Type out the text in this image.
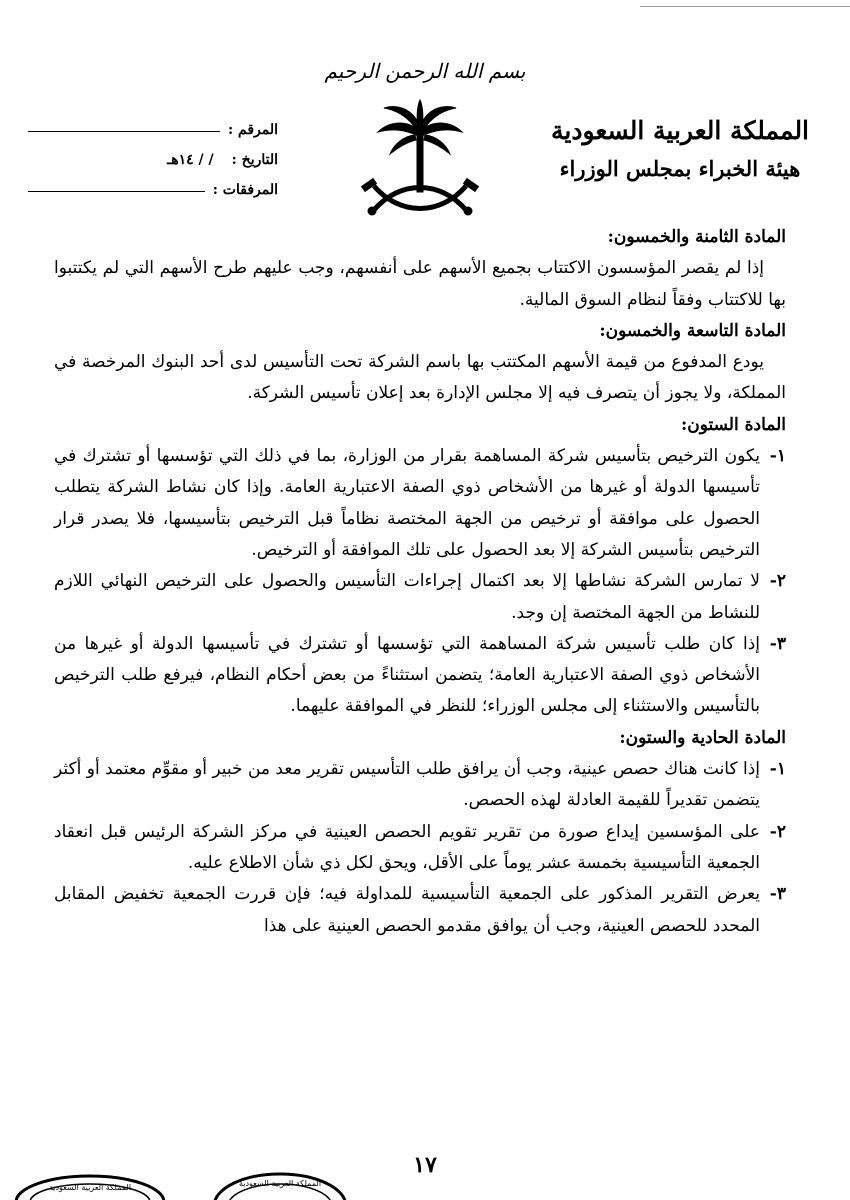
بسم الله الرحمن الرحيم
المملكة العربية السعودية
هيئة الخبراء بمجلس الوزراء
المرقم :
التاريخ :
/ / ١٤هـ
المرفقات :

المادة الثامنة والخمسون:

إذا لم يقصر المؤسسون الاكتتاب بجميع الأسهم على أنفسهم، وجب عليهم طرح الأسهم التي لم يكتتبوا بها للاكتتاب وفقاً لنظام السوق المالية.

المادة التاسعة والخمسون:

يودع المدفوع من قيمة الأسهم المكتتب بها باسم الشركة تحت التأسيس لدى أحد البنوك المرخصة في المملكة، ولا يجوز أن يتصرف فيه إلا مجلس الإدارة بعد إعلان تأسيس الشركة.

المادة الستون:

١-
يكون الترخيص بتأسيس شركة المساهمة بقرار من الوزارة، بما في ذلك التي تؤسسها أو تشترك في تأسيسها الدولة أو غيرها من الأشخاص ذوي الصفة الاعتبارية العامة. وإذا كان نشاط الشركة يتطلب الحصول على موافقة أو ترخيص من الجهة المختصة نظاماً قبل الترخيص بتأسيسها، فلا يصدر قرار الترخيص بتأسيس الشركة إلا بعد الحصول على تلك الموافقة أو الترخيص.
٢-
لا تمارس الشركة نشاطها إلا بعد اكتمال إجراءات التأسيس والحصول على الترخيص النهائي اللازم للنشاط من الجهة المختصة إن وجد.
٣-
إذا كان طلب تأسيس شركة المساهمة التي تؤسسها أو تشترك في تأسيسها الدولة أو غيرها من الأشخاص ذوي الصفة الاعتبارية العامة؛ يتضمن استثناءً من بعض أحكام النظام، فيرفع طلب الترخيص بالتأسيس والاستثناء إلى مجلس الوزراء؛ للنظر في الموافقة عليهما.

المادة الحادية والستون:

١-
إذا كانت هناك حصص عينية، وجب أن يرافق طلب التأسيس تقرير معد من خبير أو مقوِّم معتمد أو أكثر يتضمن تقديراً للقيمة العادلة لهذه الحصص.
٢-
على المؤسسين إيداع صورة من تقرير تقويم الحصص العينية في مركز الشركة الرئيس قبل انعقاد الجمعية التأسيسية بخمسة عشر يوماً على الأقل، ويحق لكل ذي شأن الاطلاع عليه.
٣-
يعرض التقرير المذكور على الجمعية التأسيسية للمداولة فيه؛ فإن قررت الجمعية تخفيض المقابل المحدد للحصص العينية، وجب أن يوافق مقدمو الحصص العينية على هذا
١٧
المملكة العربية السعودية	المملكة العربية السعودية
